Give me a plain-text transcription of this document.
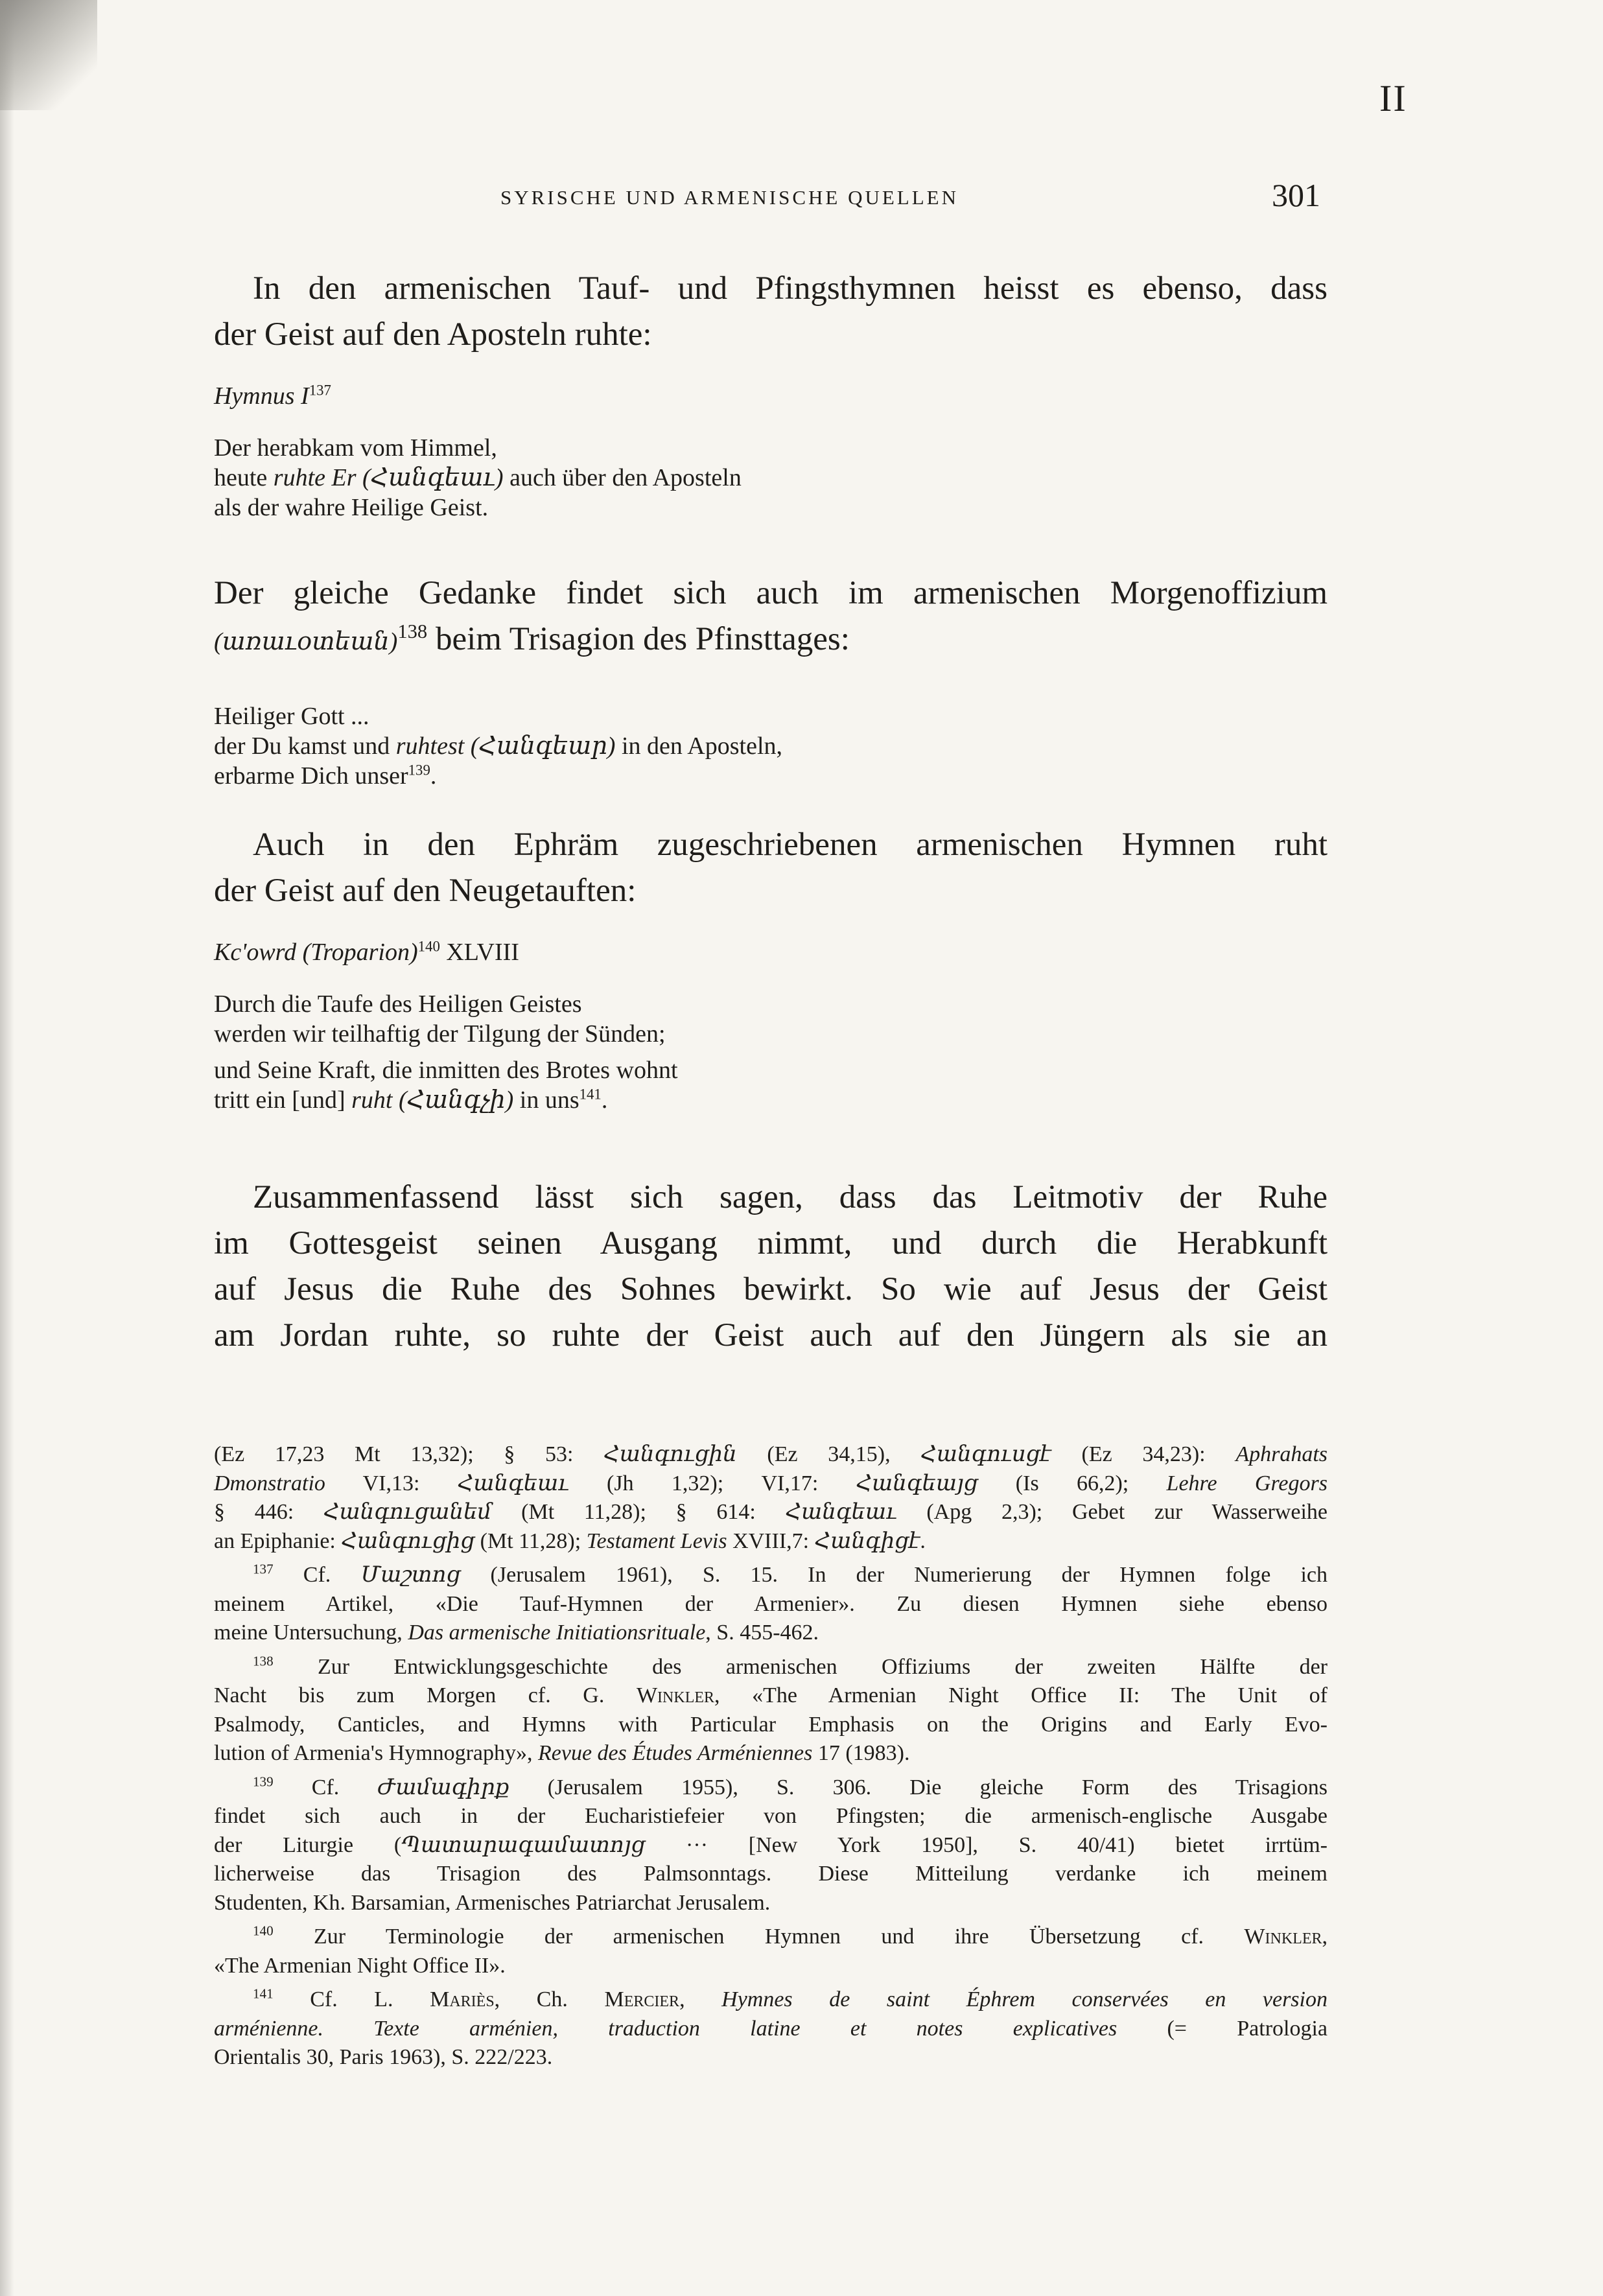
II
SYRISCHE UND ARMENISCHE QUELLEN	301

In den armenischen Tauf- und Pfingsthymnen heisst es ebenso, dass

der Geist auf den Aposteln ruhte:

Hymnus $I^{137}$
Der herabkam vom Himmel,
heute ruhte Er (Հանգեաւ) auch über den Aposteln
als der wahre Heilige Geist.

Der gleiche Gedanke findet sich auch im armenischen Morgenoffizium

(առաւօտեան)$^{138}$ beim Trisagion des Pfinsttages:

Heiliger Gott ...
der Du kamst und ruhtest (Հանգեար) in den Aposteln,
erbarme Dich unser$^{139}$.

Auch in den Ephräm zugeschriebenen armenischen Hymnen ruht

der Geist auf den Neugetauften:

Kc'owrd (Troparion)$^{140}$ XLVIII
Durch die Taufe des Heiligen Geistes
werden wir teilhaftig der Tilgung der Sünden;
und Seine Kraft, die inmitten des Brotes wohnt
tritt ein [und] ruht (Հանգչի) in uns$^{141}$.

Zusammenfassend lässt sich sagen, dass das Leitmotiv der Ruhe

im Gottesgeist seinen Ausgang nimmt, und durch die Herabkunft

auf Jesus die Ruhe des Sohnes bewirkt. So wie auf Jesus der Geist

am Jordan ruhte, so ruhte der Geist auch auf den Jüngern als sie an

(Ez 17,23 Mt 13,32); § 53: Հանգուցին (Ez 34,15), Հանգուսցէ (Ez 34,23): Aphrahats

Dmonstratio VI,13: Հանգեաւ (Jh 1,32); VI,17: Հանգեայց (Is 66,2); Lehre Gregors

§ 446: Հանգուցանեմ (Mt 11,28); § 614: Հանգեաւ (Apg 2,3); Gebet zur Wasserweihe

an Epiphanie: Հանգուցից (Mt 11,28); Testament Levis XVIII,7: Հանգիցէ.

$^{137}$ Cf. Մաշտոց (Jerusalem 1961), S. 15. In der Numerierung der Hymnen folge ich

meinem Artikel, «Die Tauf-Hymnen der Armenier». Zu diesen Hymnen siehe ebenso

meine Untersuchung, Das armenische Initiationsrituale, S. 455-462.

$^{138}$ Zur Entwicklungsgeschichte des armenischen Offiziums der zweiten Hälfte der

Nacht bis zum Morgen cf. G. Winkler, «The Armenian Night Office II: The Unit of

Psalmody, Canticles, and Hymns with Particular Emphasis on the Origins and Early Evo-

lution of Armenia's Hymnography», Revue des Études Arméniennes 17 (1983).

$^{139}$ Cf. Ժամագիրք (Jerusalem 1955), S. 306. Die gleiche Form des Trisagions

findet sich auch in der Eucharistiefeier von Pfingsten; die armenisch-englische Ausgabe

der Liturgie (Պատարագամատոյց ··· [New York 1950], S. 40/41) bietet irrtüm-

licherweise das Trisagion des Palmsonntags. Diese Mitteilung verdanke ich meinem

Studenten, Kh. Barsamian, Armenisches Patriarchat Jerusalem.

$^{140}$ Zur Terminologie der armenischen Hymnen und ihre Übersetzung cf. Winkler,

«The Armenian Night Office II».

$^{141}$ Cf. L. Mariès, Ch. Mercier, Hymnes de saint Éphrem conservées en version

arménienne. Texte arménien, traduction latine et notes explicatives (= Patrologia

Orientalis 30, Paris 1963), S. 222/223.
